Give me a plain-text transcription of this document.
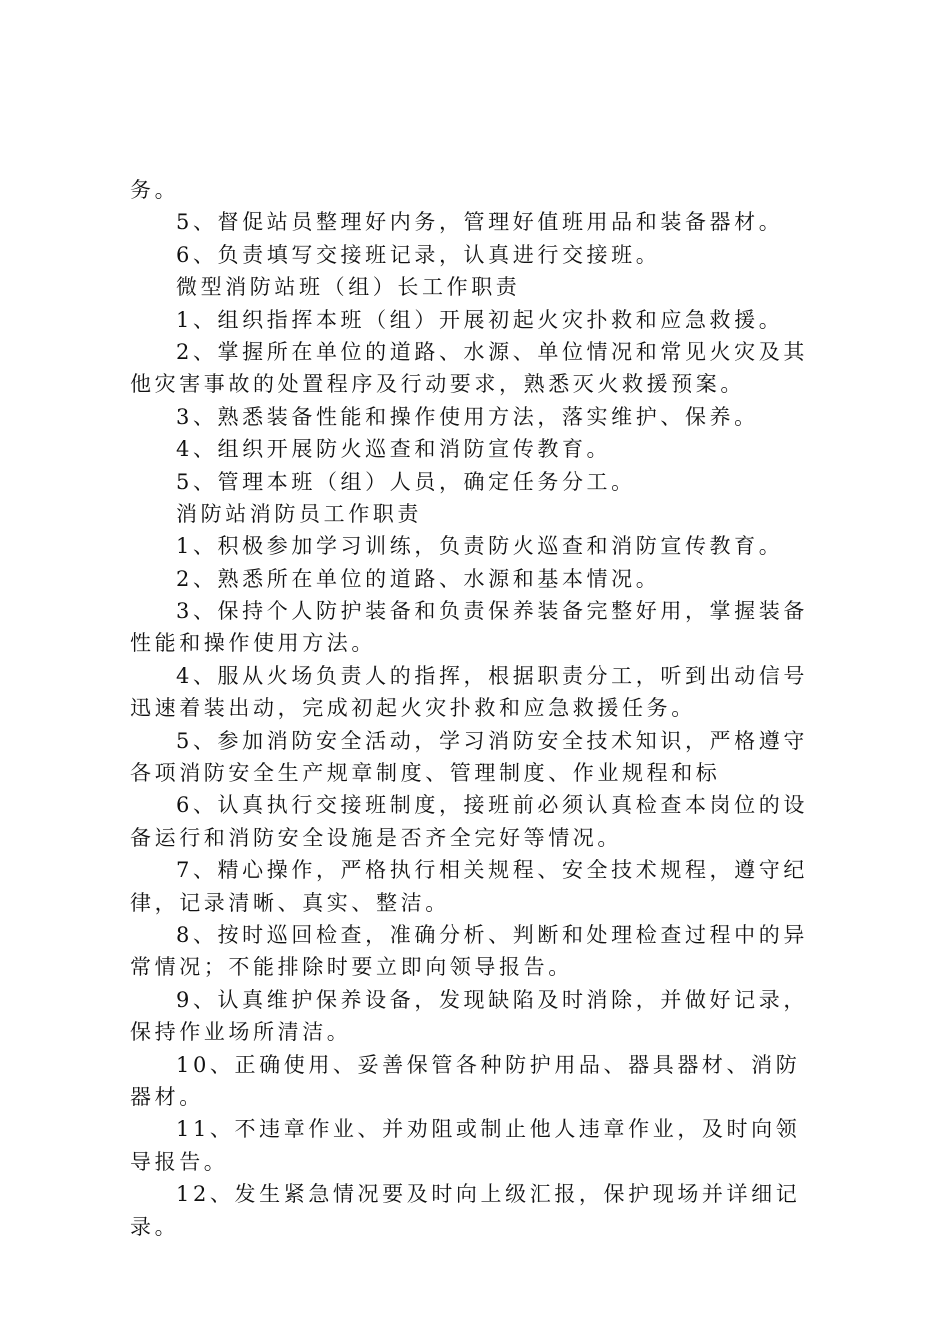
务。
5、督促站员整理好内务，管理好值班用品和装备器材。
6、负责填写交接班记录，认真进行交接班。
微型消防站班（组）长工作职责
1、组织指挥本班（组）开展初起火灾扑救和应急救援。
2、掌握所在单位的道路、水源、单位情况和常见火灾及其
他灾害事故的处置程序及行动要求，熟悉灭火救援预案。
3、熟悉装备性能和操作使用方法，落实维护、保养。
4、组织开展防火巡查和消防宣传教育。
5、管理本班（组）人员，确定任务分工。
消防站消防员工作职责
1、积极参加学习训练，负责防火巡查和消防宣传教育。
2、熟悉所在单位的道路、水源和基本情况。
3、保持个人防护装备和负责保养装备完整好用，掌握装备
性能和操作使用方法。
4、服从火场负责人的指挥，根据职责分工，听到出动信号
迅速着装出动，完成初起火灾扑救和应急救援任务。
5、参加消防安全活动，学习消防安全技术知识，严格遵守
各项消防安全生产规章制度、管理制度、作业规程和标
6、认真执行交接班制度，接班前必须认真检查本岗位的设
备运行和消防安全设施是否齐全完好等情况。
7、精心操作，严格执行相关规程、安全技术规程，遵守纪
律，记录清晰、真实、整洁。
8、按时巡回检查，准确分析、判断和处理检查过程中的异
常情况；不能排除时要立即向领导报告。
9、认真维护保养设备，发现缺陷及时消除，并做好记录，
保持作业场所清洁。
10、正确使用、妥善保管各种防护用品、器具器材、消防
器材。
11、不违章作业、并劝阻或制止他人违章作业，及时向领
导报告。
12、发生紧急情况要及时向上级汇报，保护现场并详细记
录。
